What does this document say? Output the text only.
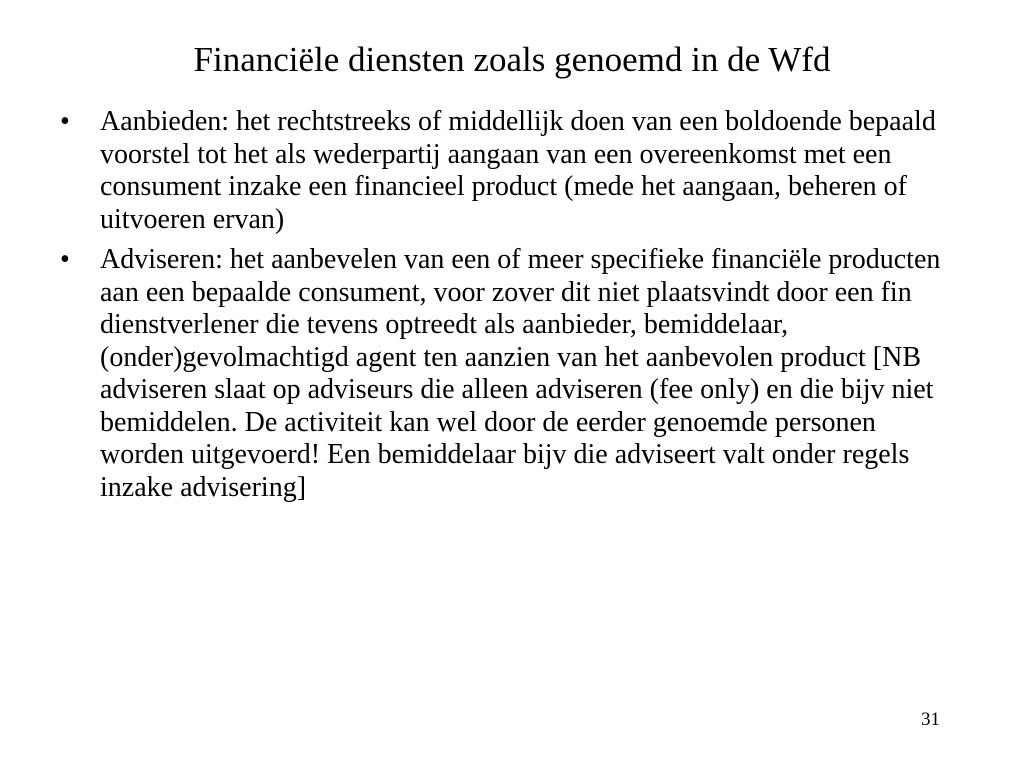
Financiële diensten zoals genoemd in de Wfd
•	Aanbieden: het rechtstreeks of middellijk doen van een boldoende bepaald voorstel tot het als wederpartij aangaan van een overeenkomst met een consument inzake een financieel product (mede het aangaan, beheren of uitvoeren ervan)
•	Adviseren: het aanbevelen van een of meer specifieke financiële producten aan een bepaalde consument, voor zover dit niet plaatsvindt door een fin dienstverlener die tevens optreedt als aanbieder, bemiddelaar, (onder)gevolmachtigd agent ten aanzien van het aanbevolen product [NB adviseren slaat op adviseurs die alleen adviseren (fee only) en die bijv niet bemiddelen. De activiteit kan wel door de eerder genoemde personen worden uitgevoerd! Een bemiddelaar bijv die adviseert valt onder regels inzake advisering]
31
